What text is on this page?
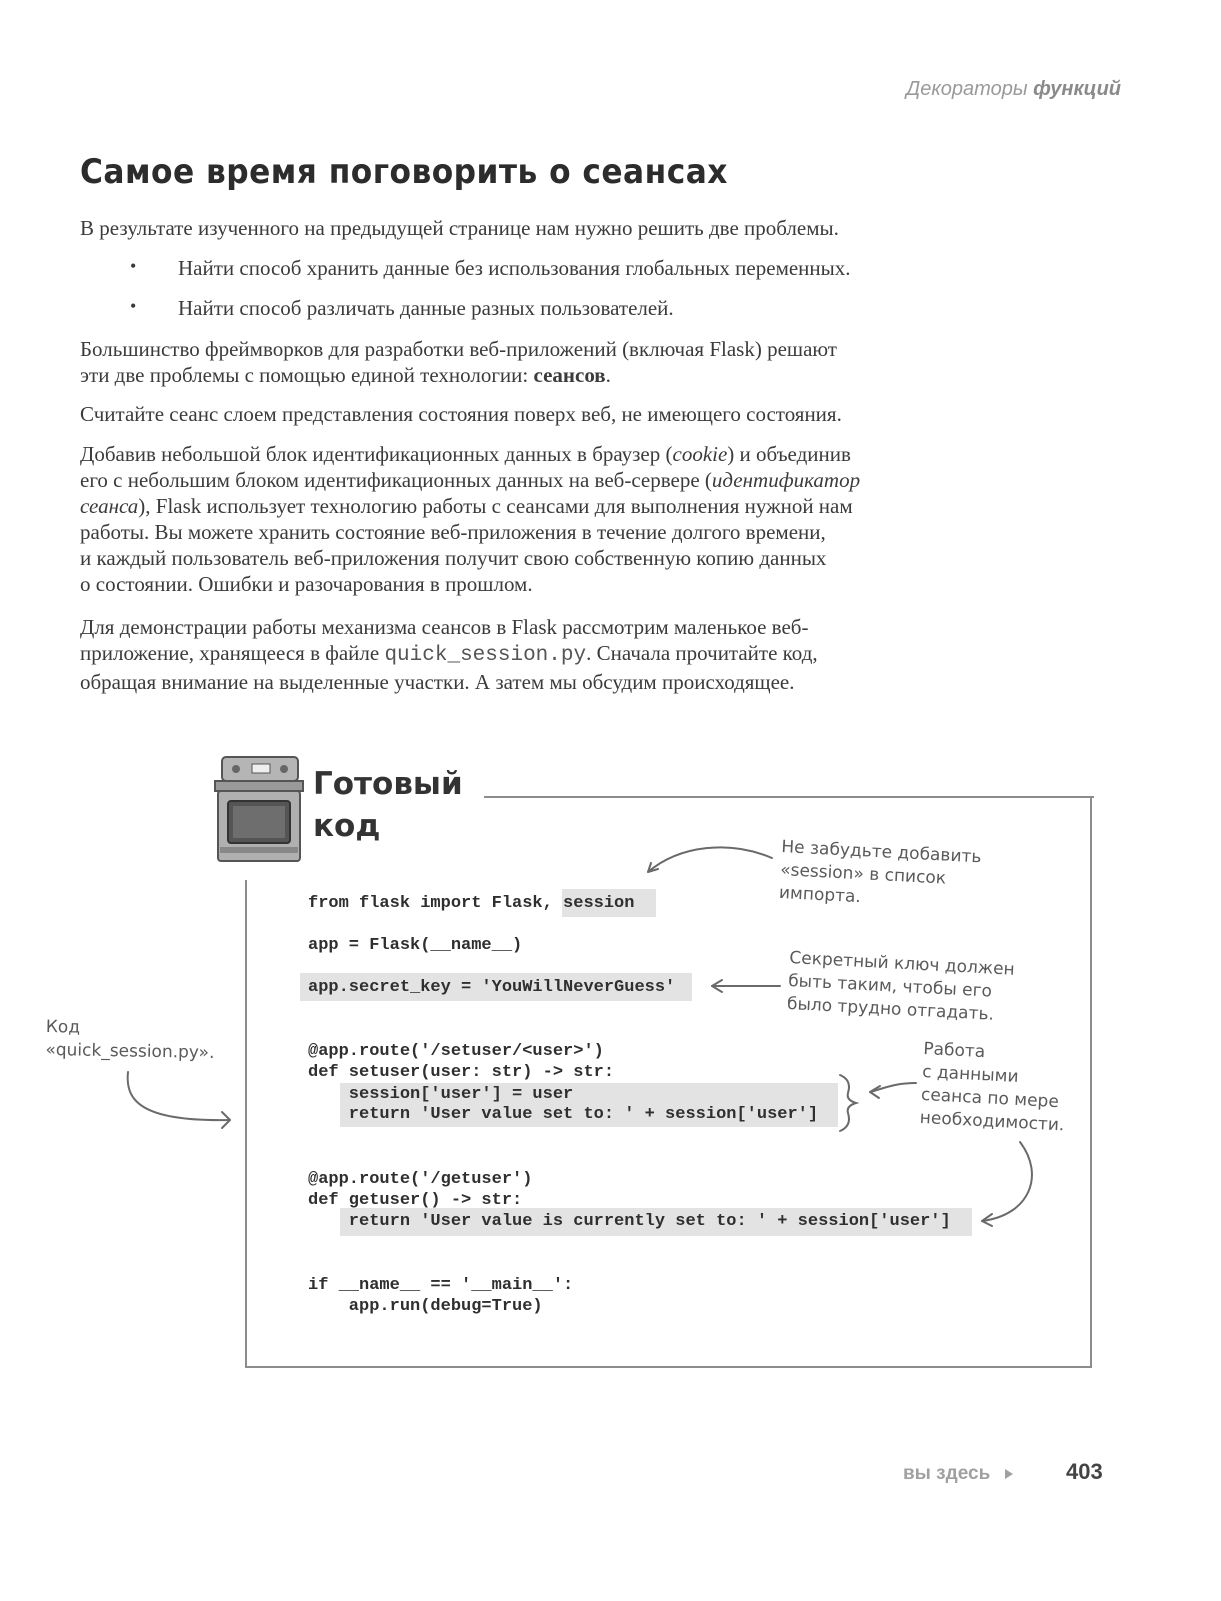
Декораторы функций
Самое время поговорить о сеансах
В результате изученного на предыдущей странице нам нужно решить две проблемы.
• Найти способ хранить данные без использования глобальных переменных.
• Найти способ различать данные разных пользователей.
Большинство фреймворков для разработки веб-приложений (включая Flask) решают
эти две проблемы с помощью единой технологии: сеансов.
Считайте сеанс слоем представления состояния поверх веб, не имеющего состояния.
Добавив небольшой блок идентификационных данных в браузер (cookie) и объединив
его с небольшим блоком идентификационных данных на веб-сервере (идентификатор
сеанса), Flask использует технологию работы с сеансами для выполнения нужной нам
работы. Вы можете хранить состояние веб-приложения в течение долгого времени,
и каждый пользователь веб-приложения получит свою собственную копию данных
о состоянии. Ошибки и разочарования в прошлом.
Для демонстрации работы механизма сеансов в Flask рассмотрим маленькое веб-
приложение, хранящееся в файле quick_session.py. Сначала прочитайте код,
обращая внимание на выделенные участки. А затем мы обсудим происходящее.
Готовый
код
from flask import Flask, session
app = Flask(__name__)
app.secret_key = 'YouWillNeverGuess'
@app.route('/setuser/<user>')
def setuser(user: str) -> str:
session['user'] = user
return 'User value set to: ' + session['user']
@app.route('/getuser')
def getuser() -> str:
return 'User value is currently set to: ' + session['user']
if __name__ == '__main__':
app.run(debug=True)
Не забудьте добавить
«session» в список
импорта.
Секретный ключ должен
быть таким, чтобы его
было трудно отгадать.
Код
«quick_session.py».	Работа
с данными
сеанса по мере
необходимости.
вы здесь	403
